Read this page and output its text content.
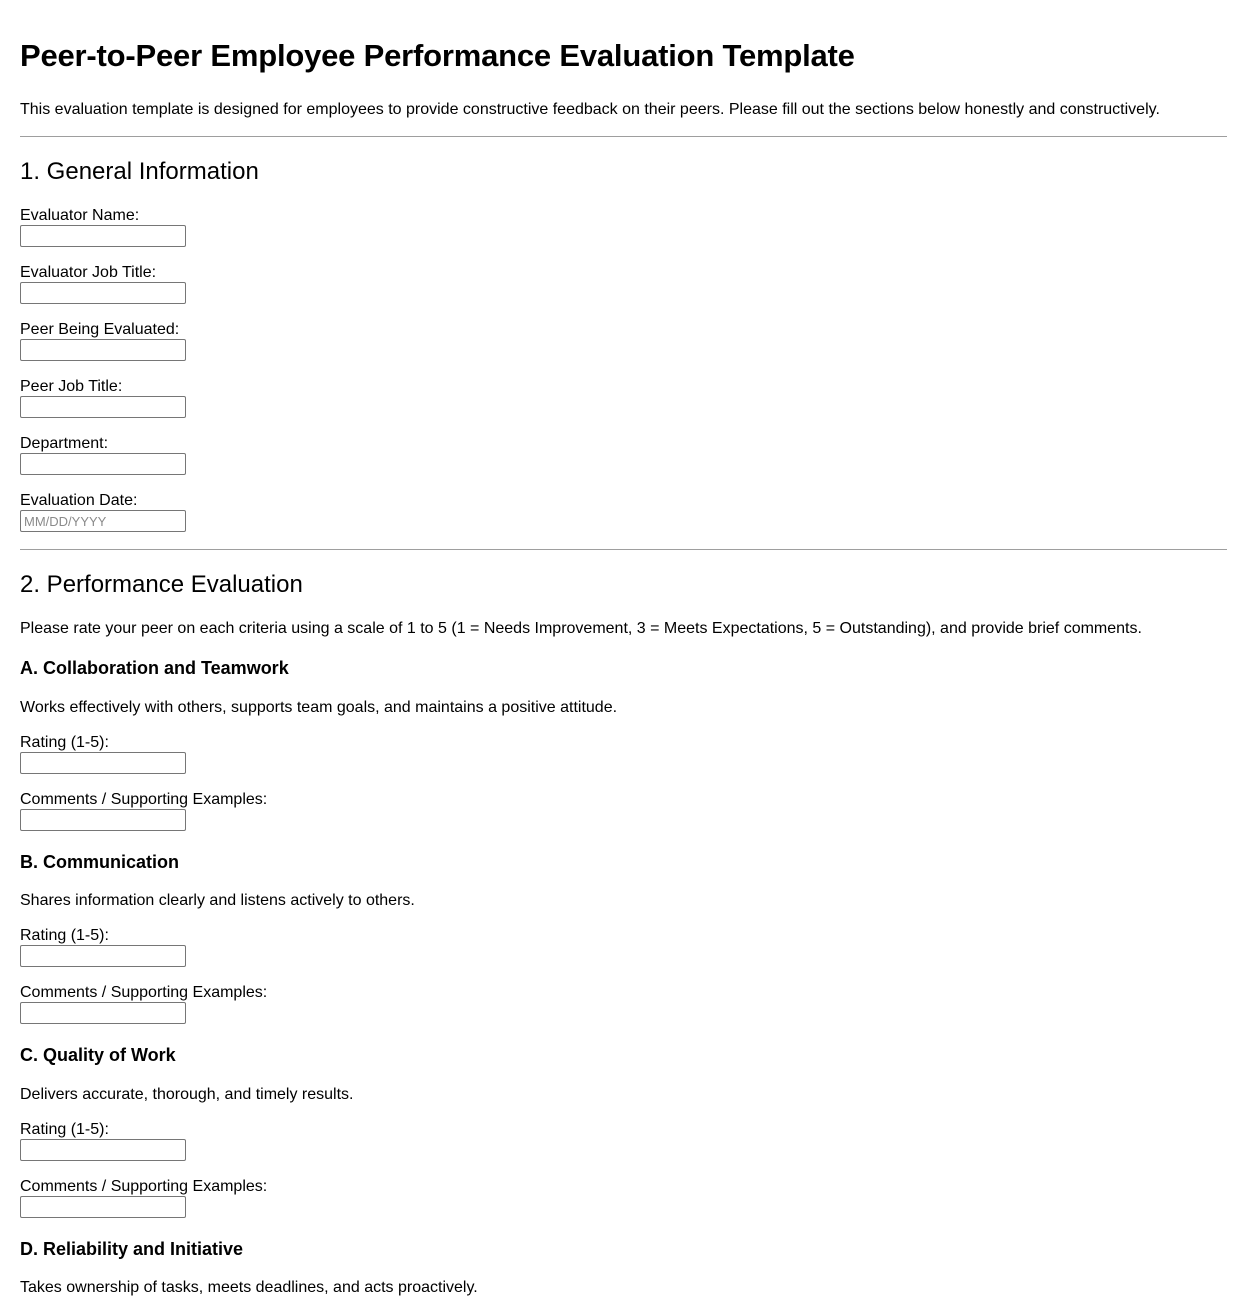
Peer-to-Peer Employee Performance Evaluation Template

This evaluation template is designed for employees to provide constructive feedback on their peers. Please fill out the sections below honestly and constructively.

1. General Information
Evaluator Name:
Evaluator Job Title:
Peer Being Evaluated:
Peer Job Title:
Department:
Evaluation Date:
MM/DD/YYYY
2. Performance Evaluation

Please rate your peer on each criteria using a scale of 1 to 5 (1 = Needs Improvement, 3 = Meets Expectations, 5 = Outstanding), and provide brief comments.

A. Collaboration and Teamwork

Works effectively with others, supports team goals, and maintains a positive attitude.

Rating (1-5):
Comments / Supporting Examples:
B. Communication

Shares information clearly and listens actively to others.

Rating (1-5):
Comments / Supporting Examples:
C. Quality of Work

Delivers accurate, thorough, and timely results.

Rating (1-5):
Comments / Supporting Examples:
D. Reliability and Initiative

Takes ownership of tasks, meets deadlines, and acts proactively.
